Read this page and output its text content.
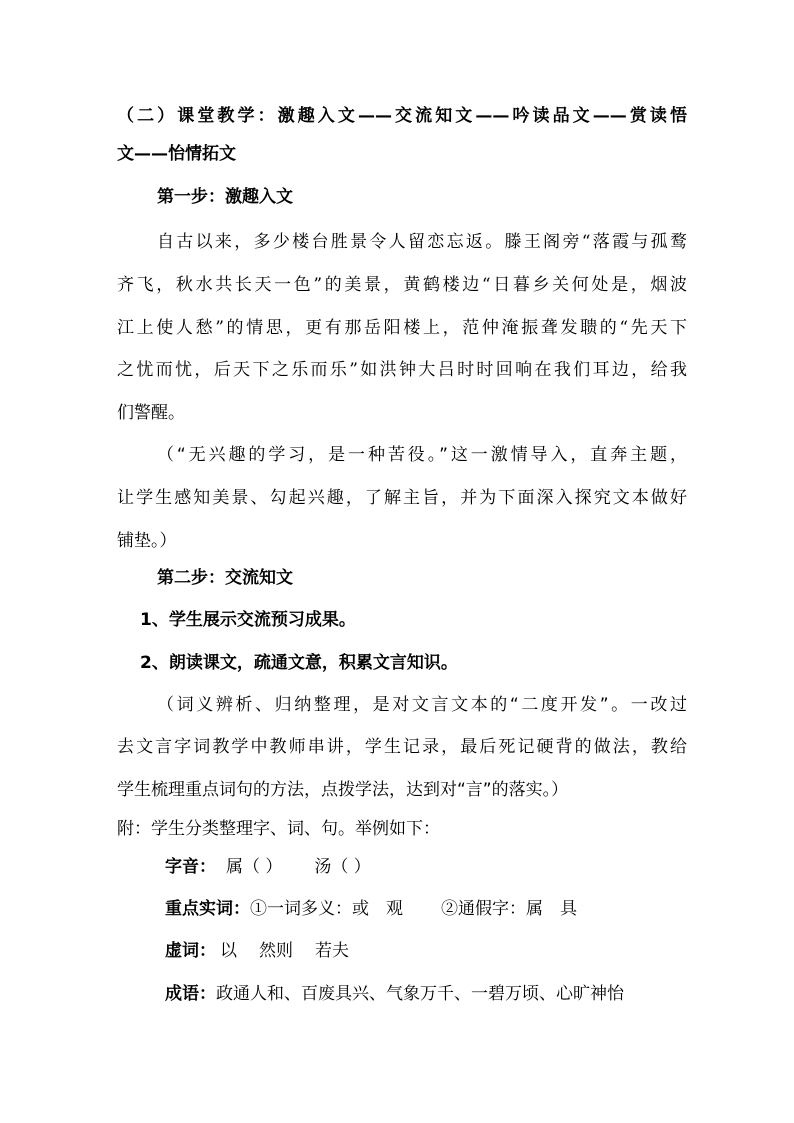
（二）课堂教学：激趣入文——交流知文——吟读品文——赏读悟
文——怡情拓文
第一步：激趣入文
自古以来，多少楼台胜景令人留恋忘返。滕王阁旁“落霞与孤鹜
齐飞，秋水共长天一色”的美景，黄鹤楼边“日暮乡关何处是，烟波
江上使人愁”的情思，更有那岳阳楼上，范仲淹振聋发聩的“先天下
之忧而忧，后天下之乐而乐”如洪钟大吕时时回响在我们耳边，给我
们警醒。
（“无兴趣的学习，是一种苦役。”这一激情导入，直奔主题，
让学生感知美景、勾起兴趣，了解主旨，并为下面深入探究文本做好
铺垫。）
第二步：交流知文
1、学生展示交流预习成果。
2、朗读课文，疏通文意，积累文言知识。
（词义辨析、归纳整理，是对文言文本的“二度开发”。一改过
去文言字词教学中教师串讲，学生记录，最后死记硬背的做法，教给
学生梳理重点词句的方法，点拨学法，达到对“言”的落实。）
附：学生分类整理字、词、句。举例如下：
字音： 属（ ） 汤（ ）
重点实词：①一词多义：或　观 ②通假字：属　具
虚词： 以 然则 若夫
成语：政通人和、百废具兴、气象万千、一碧万顷、心旷神怡
